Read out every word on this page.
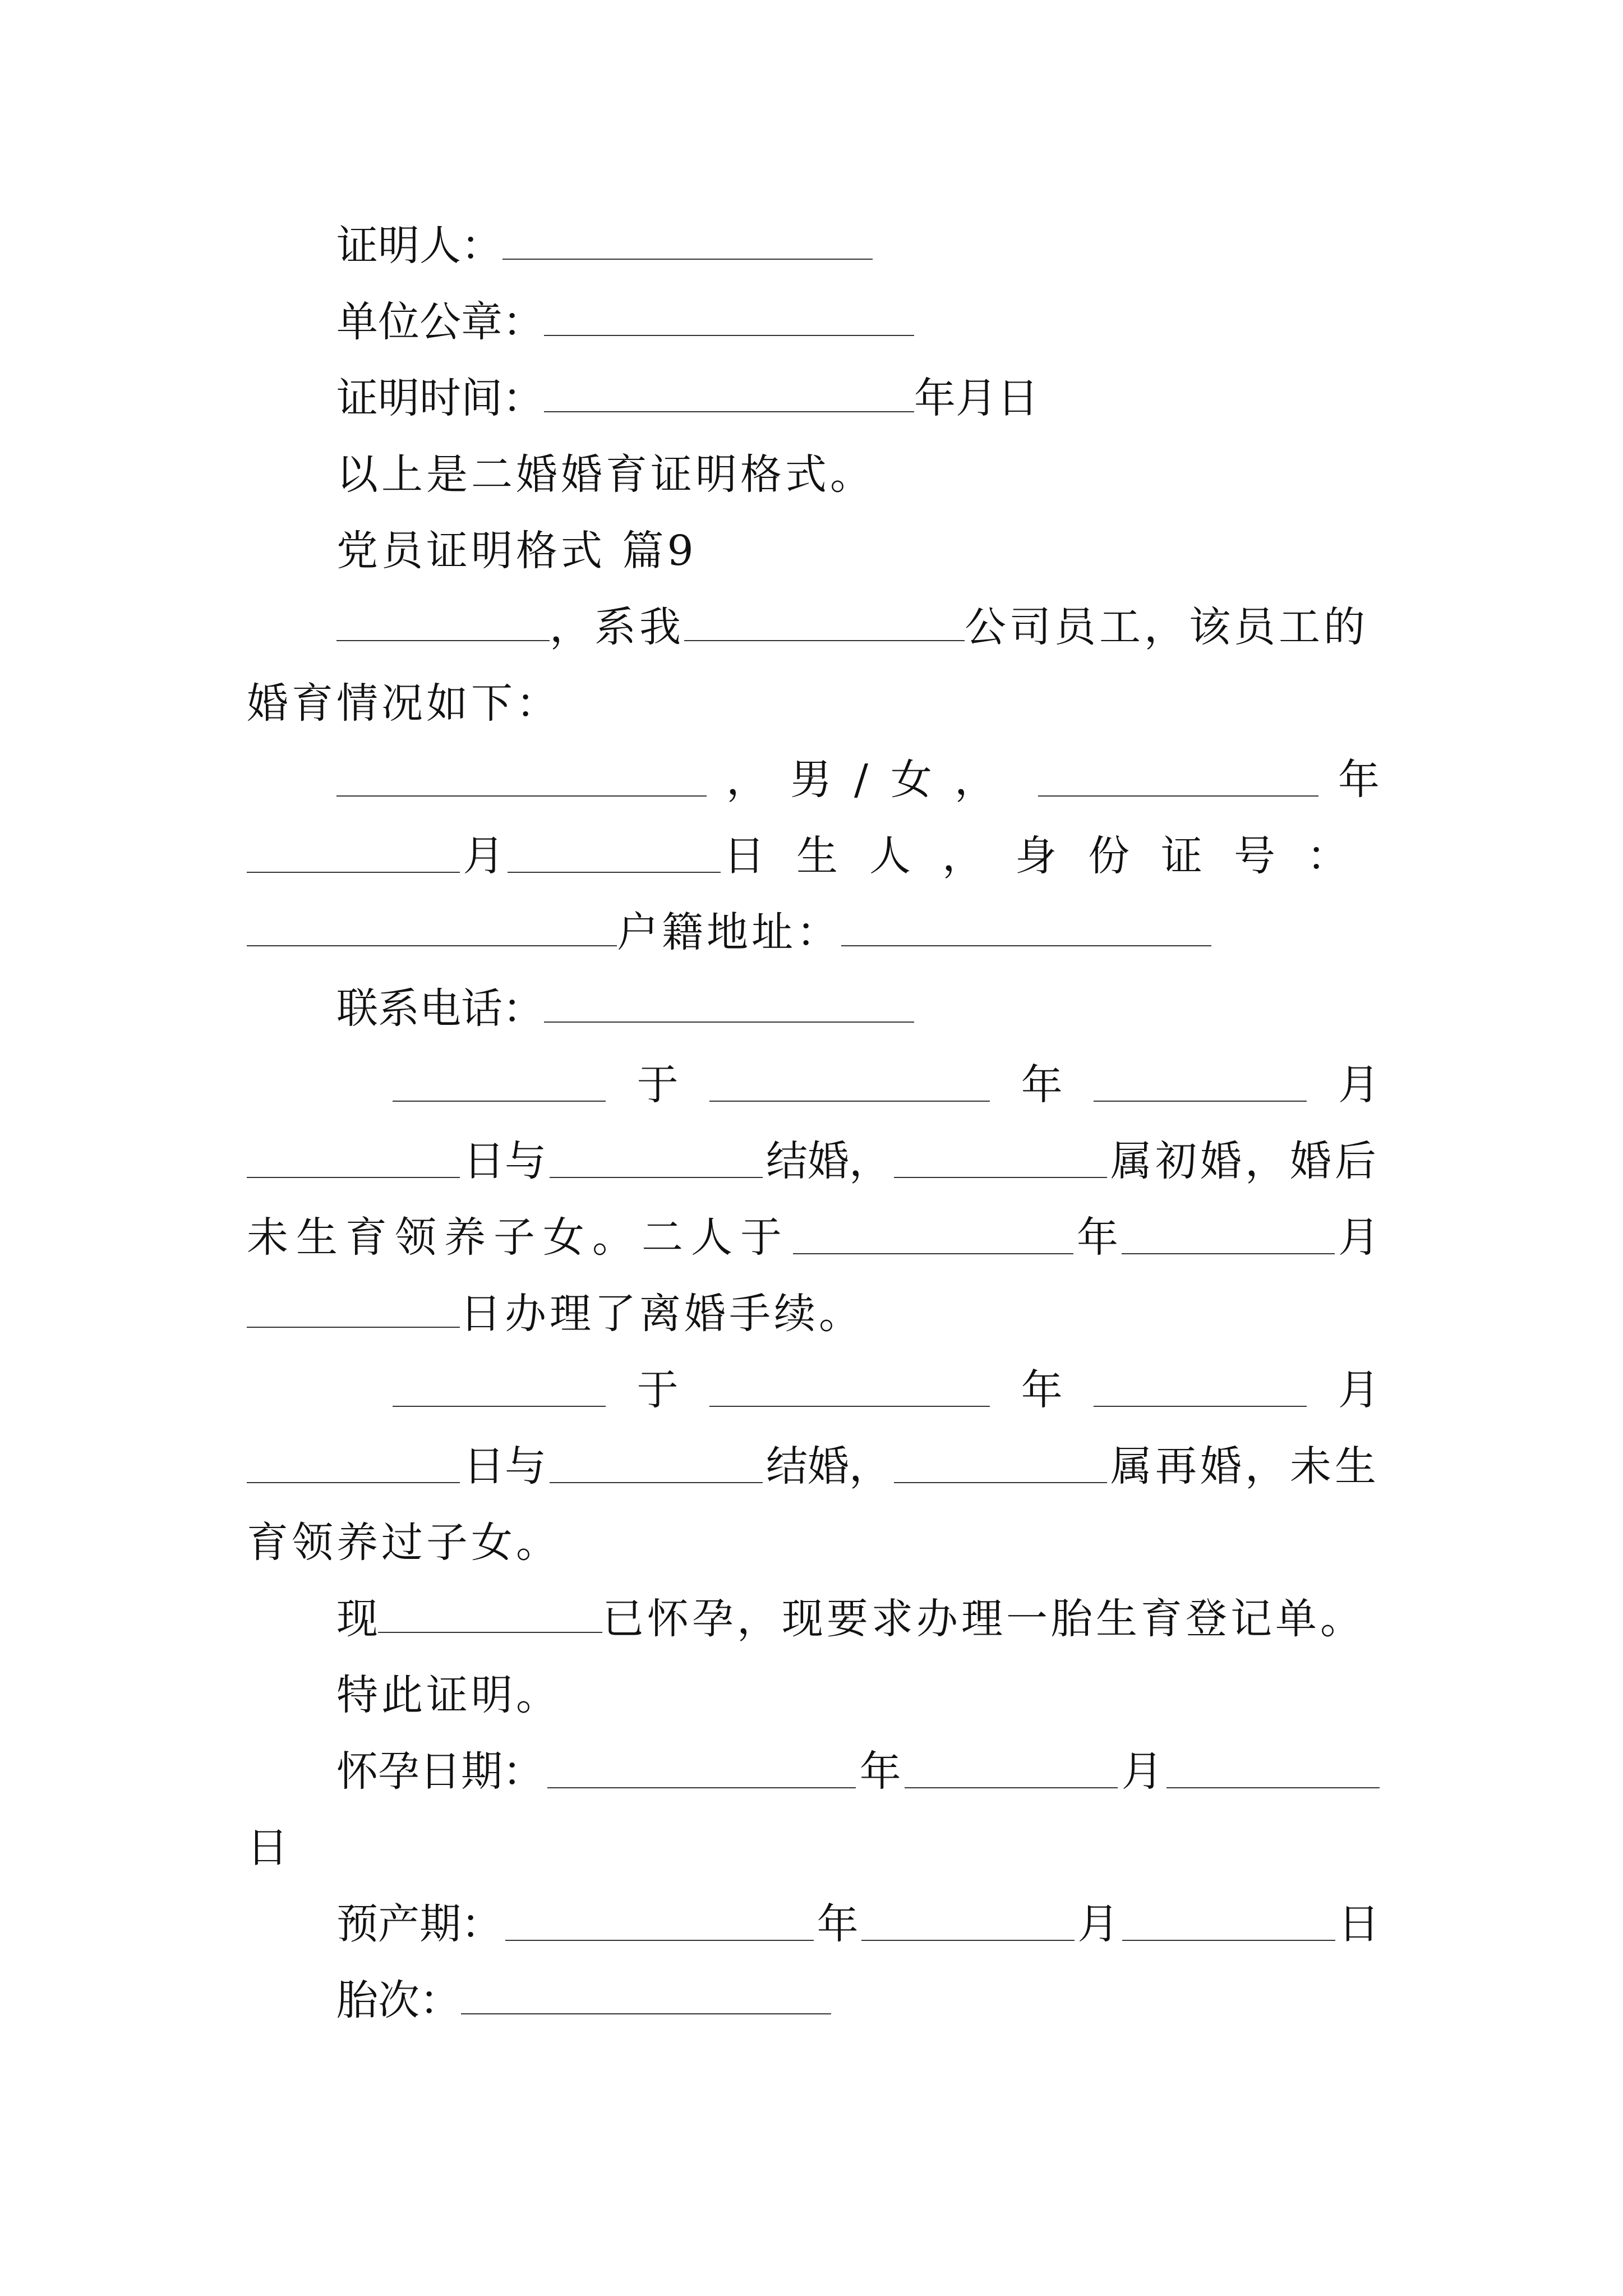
证明人：
单位公章：
证明时间：	年月日
以上是二婚婚育证明格式。
党员证明格式 篇9
，系我	公司员工，该员工的
婚育情况如下：
，男/女，	年
月	日生人，身份证号：
户籍地址：
联系电话：
于	年	月
日与	结婚，	属初婚，婚后
未生育领养子女。二人于	年	月
日办理了离婚手续。
于	年	月
日与	结婚，	属再婚，未生
育领养过子女。
现	已怀孕，现要求办理一胎生育登记单。
特此证明。
怀孕日期：	年	月
日
预产期：	年	月	日
胎次：
